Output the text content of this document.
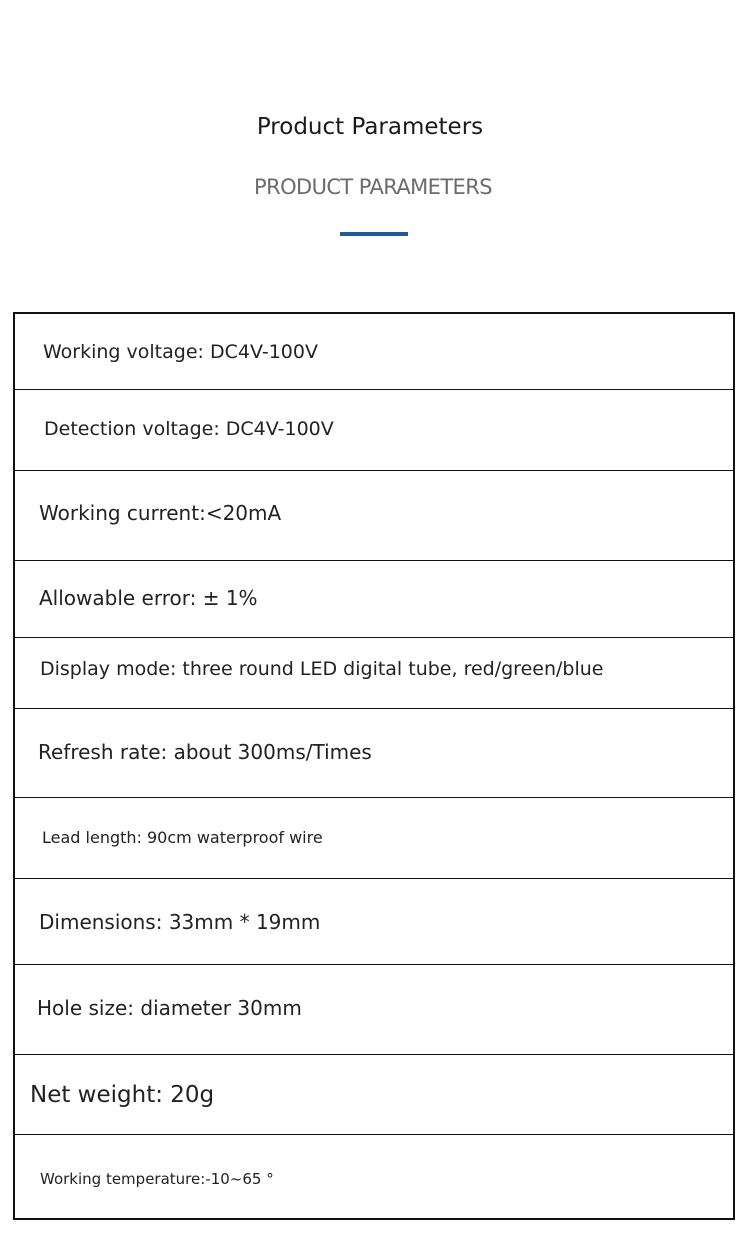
Product Parameters
PRODUCT PARAMETERS
Working voltage: DC4V-100V
Detection voltage: DC4V-100V
Working current:<20mA
Allowable error: ± 1%
Display mode: three round LED digital tube, red/green/blue
Refresh rate: about 300ms/Times
Lead length: 90cm waterproof wire
Dimensions: 33mm * 19mm
Hole size: diameter 30mm
Net weight: 20g
Working temperature:-10~65 °
